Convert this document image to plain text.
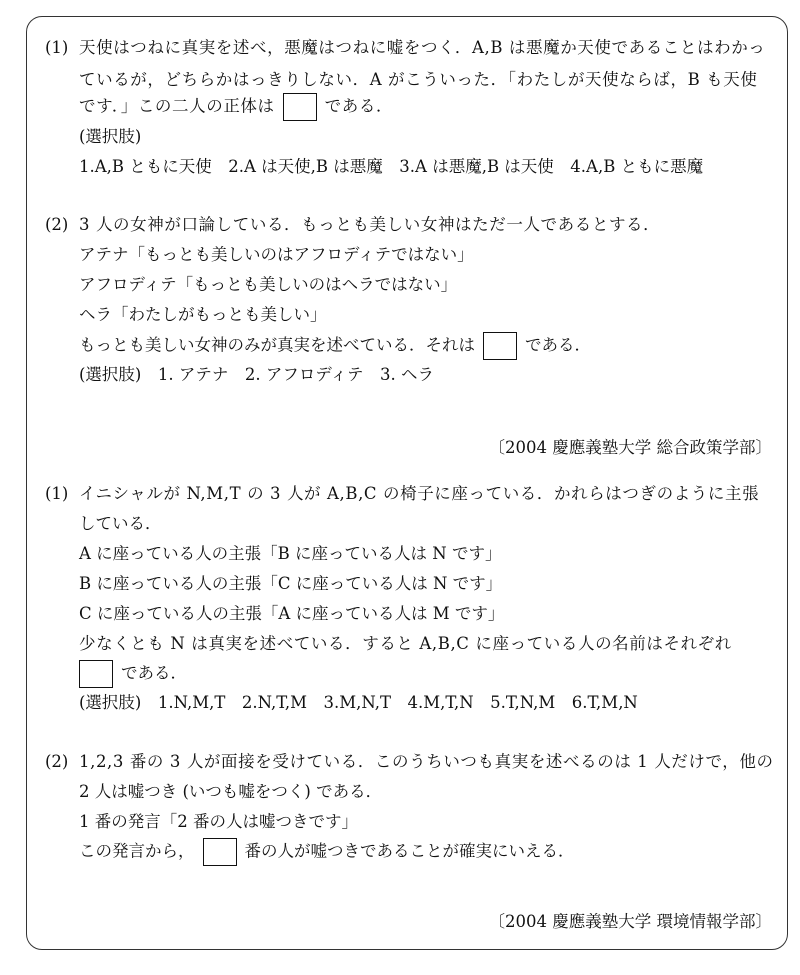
(1) 天使はつねに真実を述べ，悪魔はつねに嘘をつく．A,B は悪魔か天使であることはわかっ
ているが，どちらかはっきりしない．A がこういった．「わたしが天使ならば，B も天使
です．」この二人の正体は	である．
(選択肢)
1.A,B ともに天使　2.A は天使,B は悪魔　3.A は悪魔,B は天使　4.A,B ともに悪魔
(2) 3 人の女神が口論している．もっとも美しい女神はただ一人であるとする．
アテナ「もっとも美しいのはアフロディテではない」
アフロディテ「もっとも美しいのはヘラではない」
ヘラ「わたしがもっとも美しい」
もっとも美しい女神のみが真実を述べている．それは	である．
(選択肢)　1. アテナ　2. アフロディテ　3. ヘラ
〔2004 慶應義塾大学 総合政策学部〕
(1) イニシャルが N,M,T の 3 人が A,B,C の椅子に座っている．かれらはつぎのように主張
している．
A に座っている人の主張「B に座っている人は N です」
B に座っている人の主張「C に座っている人は N です」
C に座っている人の主張「A に座っている人は M です」
少なくとも N は真実を述べている．すると A,B,C に座っている人の名前はそれぞれ
である．
(選択肢)　1.N,M,T　2.N,T,M　3.M,N,T　4.M,T,N　5.T,N,M　6.T,M,N
(2) 1,2,3 番の 3 人が面接を受けている．このうちいつも真実を述べるのは 1 人だけで，他の
2 人は嘘つき (いつも嘘をつく) である．
1 番の発言「2 番の人は嘘つきです」
この発言から，	番の人が嘘つきであることが確実にいえる．
〔2004 慶應義塾大学 環境情報学部〕
